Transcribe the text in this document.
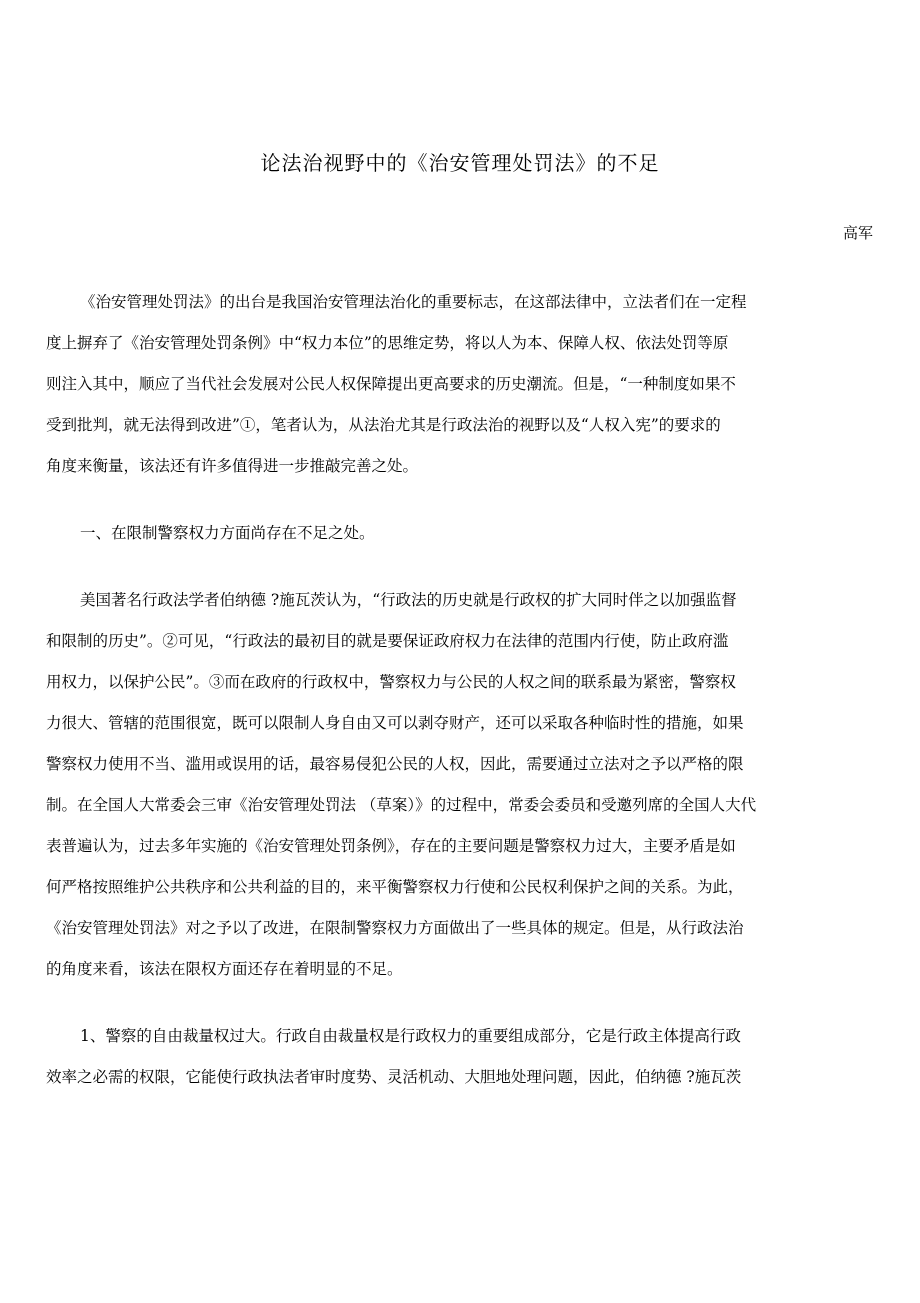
论法治视野中的《治安管理处罚法》的不足
高军
《治安管理处罚法》的出台是我国治安管理法治化的重要标志，在这部法律中，立法者们在一定程
度上摒弃了《治安管理处罚条例》中“权力本位”的思维定势，将以人为本、保障人权、依法处罚等原
则注入其中，顺应了当代社会发展对公民人权保障提出更高要求的历史潮流。但是，“一种制度如果不
受到批判，就无法得到改进”①，笔者认为，从法治尤其是行政法治的视野以及“人权入宪”的要求的
角度来衡量，该法还有许多值得进一步推敲完善之处。
一、在限制警察权力方面尚存在不足之处。
美国著名行政法学者伯纳德 ?施瓦茨认为，“行政法的历史就是行政权的扩大同时伴之以加强监督
和限制的历史”。②可见，“行政法的最初目的就是要保证政府权力在法律的范围内行使，防止政府滥
用权力，以保护公民”。③而在政府的行政权中，警察权力与公民的人权之间的联系最为紧密，警察权
力很大、管辖的范围很宽，既可以限制人身自由又可以剥夺财产，还可以采取各种临时性的措施，如果
警察权力使用不当、滥用或误用的话，最容易侵犯公民的人权，因此，需要通过立法对之予以严格的限
制。在全国人大常委会三审《治安管理处罚法 （草案）》的过程中，常委会委员和受邀列席的全国人大代
表普遍认为，过去多年实施的《治安管理处罚条例》，存在的主要问题是警察权力过大，主要矛盾是如
何严格按照维护公共秩序和公共利益的目的，来平衡警察权力行使和公民权利保护之间的关系。为此，
《治安管理处罚法》对之予以了改进，在限制警察权力方面做出了一些具体的规定。但是，从行政法治
的角度来看，该法在限权方面还存在着明显的不足。
1、警察的自由裁量权过大。行政自由裁量权是行政权力的重要组成部分，它是行政主体提高行政
效率之必需的权限，它能使行政执法者审时度势、灵活机动、大胆地处理问题，因此，伯纳德 ?施瓦茨
